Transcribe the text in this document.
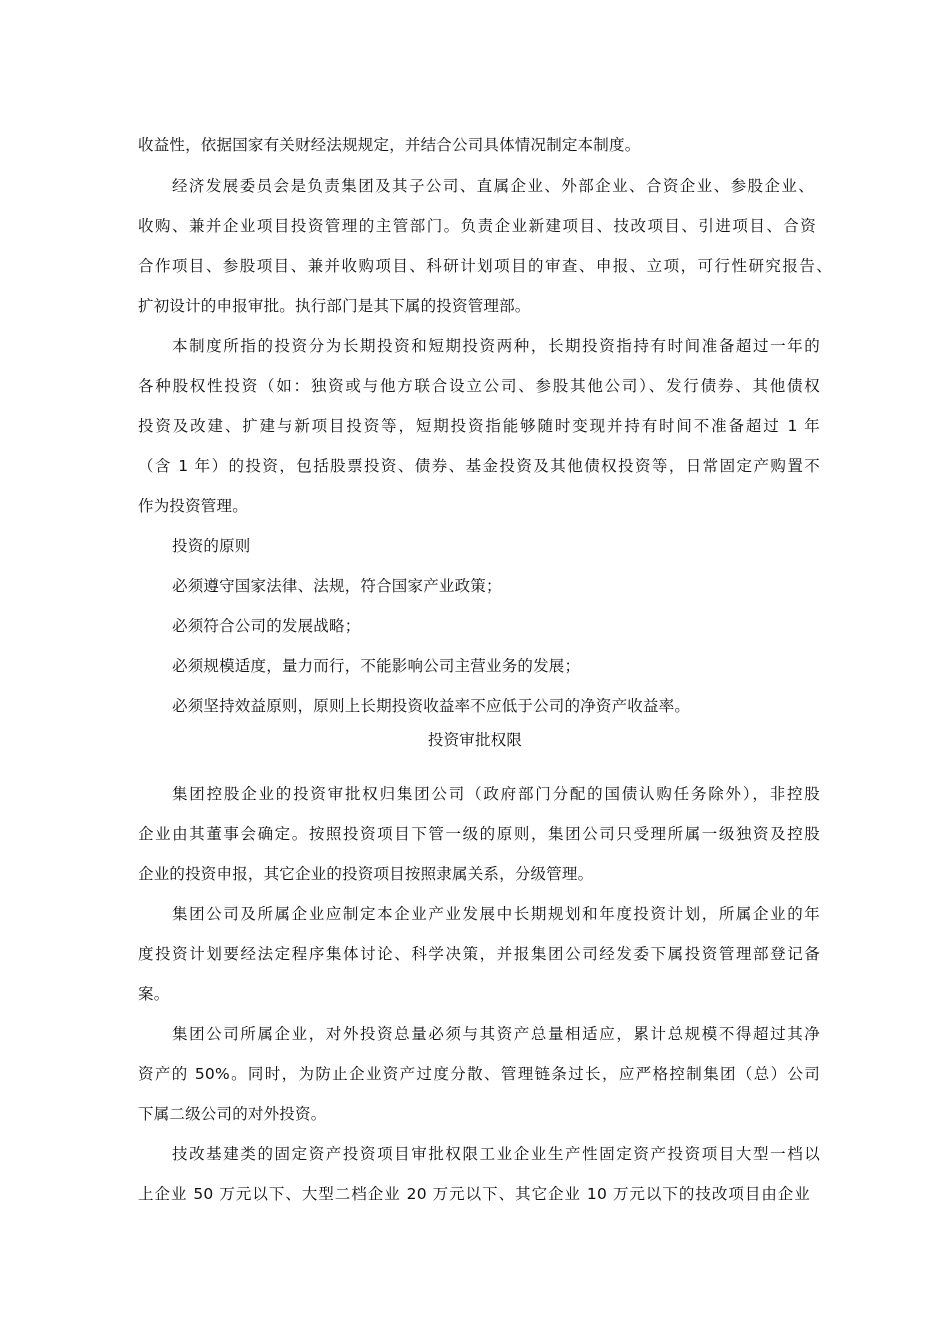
收益性，依据国家有关财经法规规定，并结合公司具体情况制定本制度。
经济发展委员会是负责集团及其子公司、直属企业、外部企业、合资企业、参股企业、
收购、兼并企业项目投资管理的主管部门。负责企业新建项目、技改项目、引进项目、合资
合作项目、参股项目、兼并收购项目、科研计划项目的审查、申报、立项，可行性研究报告、
扩初设计的申报审批。执行部门是其下属的投资管理部。
本制度所指的投资分为长期投资和短期投资两种，长期投资指持有时间准备超过一年的
各种股权性投资（如：独资或与他方联合设立公司、参股其他公司）、发行债券、其他债权
投资及改建、扩建与新项目投资等，短期投资指能够随时变现并持有时间不准备超过 1 年
（含 1 年）的投资，包括股票投资、债券、基金投资及其他债权投资等，日常固定产购置不
作为投资管理。
投资的原则
必须遵守国家法律、法规，符合国家产业政策；
必须符合公司的发展战略；
必须规模适度，量力而行，不能影响公司主营业务的发展；
必须坚持效益原则，原则上长期投资收益率不应低于公司的净资产收益率。
投资审批权限
集团控股企业的投资审批权归集团公司（政府部门分配的国债认购任务除外），非控股
企业由其董事会确定。按照投资项目下管一级的原则，集团公司只受理所属一级独资及控股
企业的投资申报，其它企业的投资项目按照隶属关系，分级管理。
集团公司及所属企业应制定本企业产业发展中长期规划和年度投资计划，所属企业的年
度投资计划要经法定程序集体讨论、科学决策，并报集团公司经发委下属投资管理部登记备
案。
集团公司所属企业，对外投资总量必须与其资产总量相适应，累计总规模不得超过其净
资产的 50%。同时，为防止企业资产过度分散、管理链条过长，应严格控制集团（总）公司
下属二级公司的对外投资。
技改基建类的固定资产投资项目审批权限工业企业生产性固定资产投资项目大型一档以
上企业 50 万元以下、大型二档企业 20 万元以下、其它企业 10 万元以下的技改项目由企业
